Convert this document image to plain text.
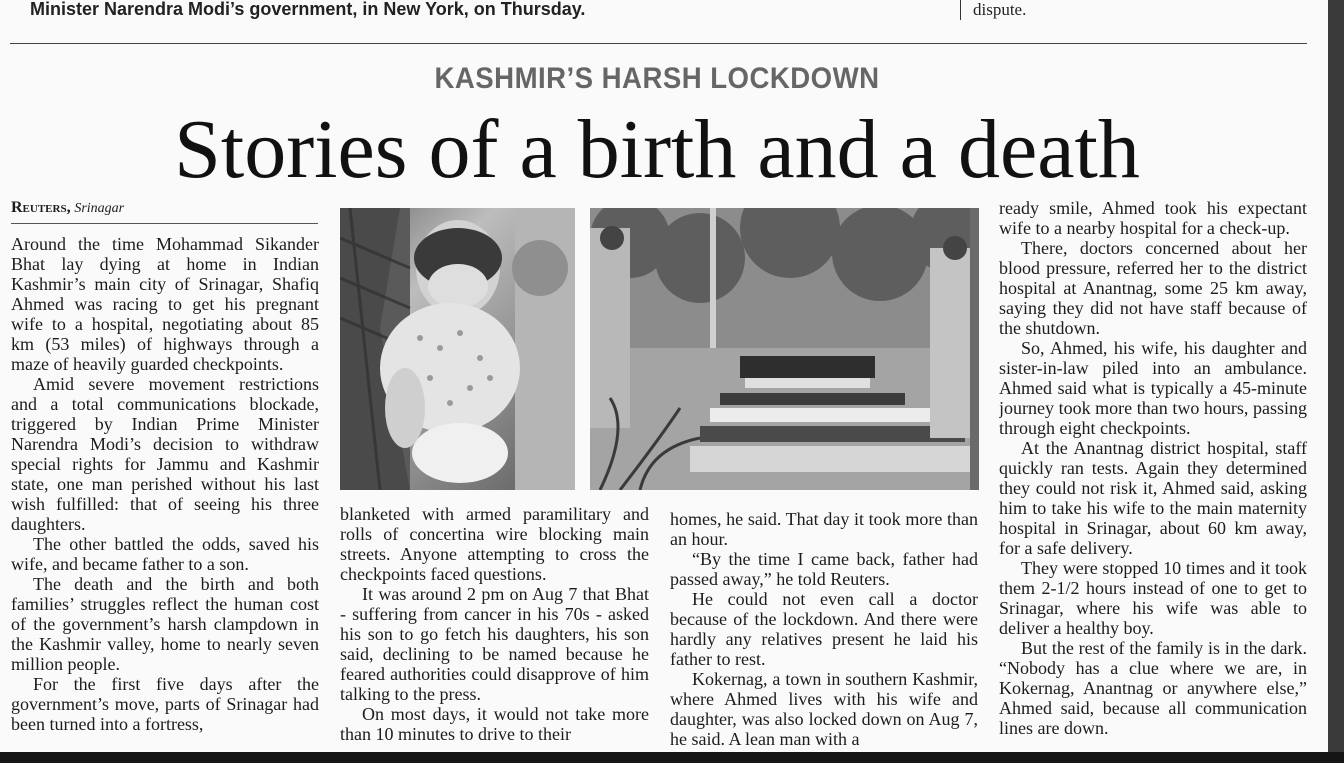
Minister Narendra Modi’s government, in New York, on Thursday.	dispute.
KASHMIR’S HARSH LOCKDOWN
Stories of a birth and a death
Reuters, Srinagar

Around the time Mohammad Sikander Bhat lay dying at home in Indian Kashmir’s main city of Srinagar, Shafiq Ahmed was racing to get his pregnant wife to a hospital, negotiating about 85 km (53 miles) of highways through a maze of heavily guarded checkpoints.

Amid severe movement restrictions and a total communications blockade, triggered by Indian Prime Minister Narendra Modi’s decision to withdraw special rights for Jammu and Kashmir state, one man perished without his last wish fulfilled: that of seeing his three daughters.

The other battled the odds, saved his wife, and became father to a son.

The death and the birth and both families’ struggles reflect the human cost of the government’s harsh clampdown in the Kashmir valley, home to nearly seven million people.

For the first five days after the government’s move, parts of Srinagar had been turned into a fortress,

blanketed with armed paramilitary and rolls of concertina wire blocking main streets. Anyone attempting to cross the checkpoints faced questions.

It was around 2 pm on Aug 7 that Bhat - suffering from cancer in his 70s - asked his son to go fetch his daughters, his son said, declining to be named because he feared authorities could disapprove of him talking to the press.

On most days, it would not take more than 10 minutes to drive to their

homes, he said. That day it took more than an hour.

“By the time I came back, father had passed away,” he told Reuters.

He could not even call a doctor because of the lockdown. And there were hardly any relatives present he laid his father to rest.

Kokernag, a town in southern Kashmir, where Ahmed lives with his wife and daughter, was also locked down on Aug 7, he said. A lean man with a

ready smile, Ahmed took his expectant wife to a nearby hospital for a check-up.

There, doctors concerned about her blood pressure, referred her to the district hospital at Anantnag, some 25 km away, saying they did not have staff because of the shutdown.

So, Ahmed, his wife, his daughter and sister-in-law piled into an ambulance. Ahmed said what is typically a 45-minute journey took more than two hours, passing through eight checkpoints.

At the Anantnag district hospital, staff quickly ran tests. Again they determined they could not risk it, Ahmed said, asking him to take his wife to the main maternity hospital in Srinagar, about 60 km away, for a safe delivery.

They were stopped 10 times and it took them 2-1/2 hours instead of one to get to Srinagar, where his wife was able to deliver a healthy boy.

But the rest of the family is in the dark. “Nobody has a clue where we are, in Kokernag, Anantnag or anywhere else,” Ahmed said, because all communication lines are down.
